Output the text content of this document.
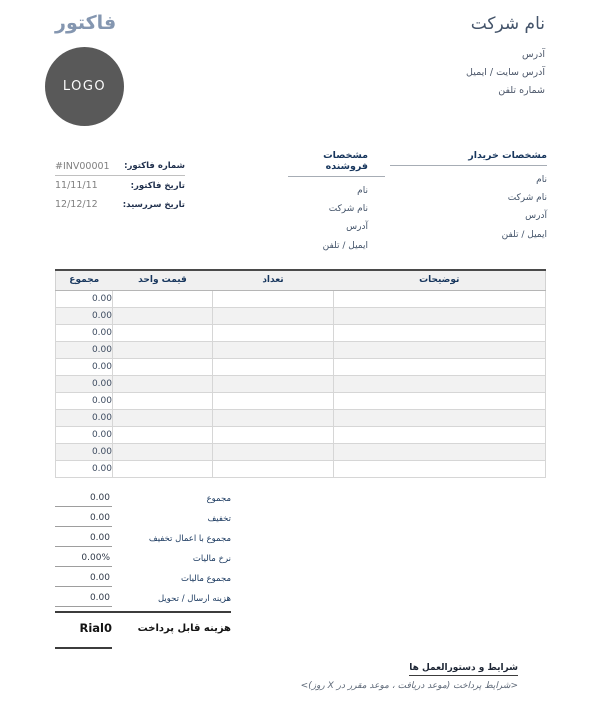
فاکتور
LOGO
نام شرکت
آدرس
آدرس سایت / ایمیل
شماره تلفن
مشخصات خریدار
نام
نام شرکت
آدرس
ایمیل / تلفن
مشخصات فروشنده
نام
نام شرکت
آدرس
ایمیل / تلفن
#INV00001 شماره فاکتور:
11/11/11	تاریخ فاکتور:
12/12/12	تاریخ سررسید:
توضیحات	تعداد	قیمت واحد	مجموع
			0.00
			0.00
			0.00
			0.00
			0.00
			0.00
			0.00
			0.00
			0.00
			0.00
			0.00
0.00	مجموع
0.00	تخفیف
0.00	مجموع با اعمال تخفیف
0.00%	نرخ مالیات
0.00	مجموع مالیات
0.00	هزینه ارسال / تحویل
Rial0	هزینه قابل پرداخت
شرایط و دستورالعمل ها
<شرایط پرداخت (موعد دریافت ، موعد مقرر در X روز)>
